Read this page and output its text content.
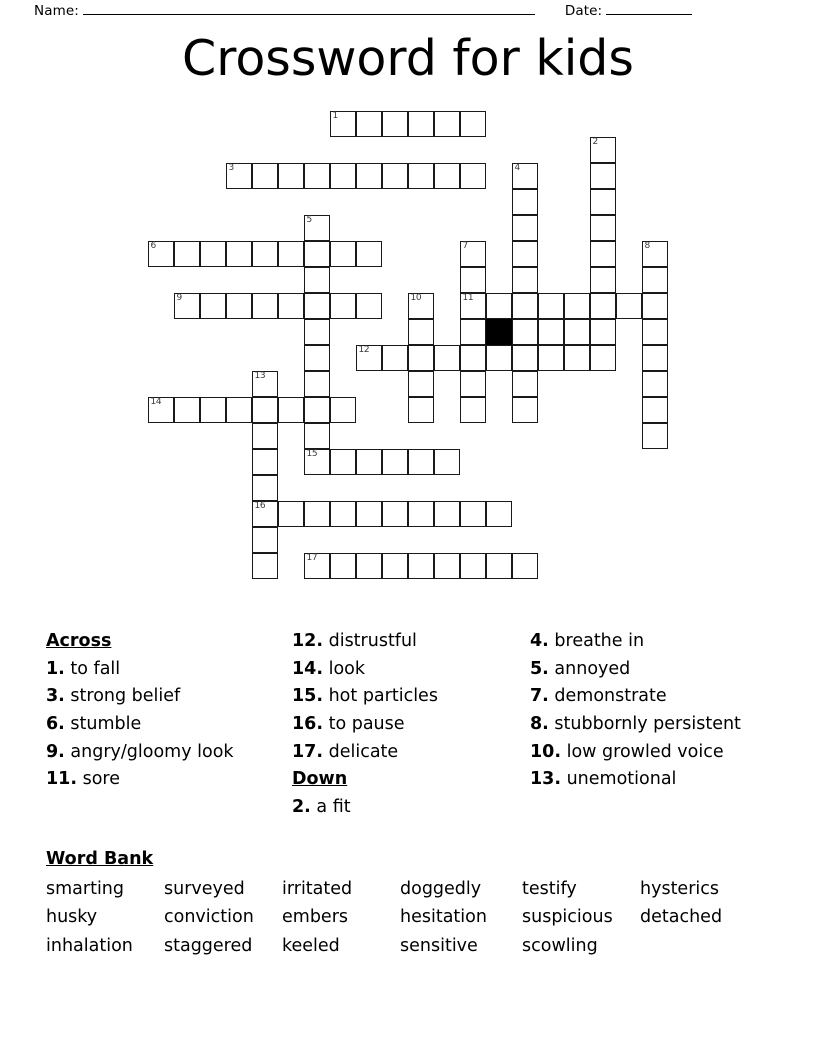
Name:	Date:
Crossword for kids
1
2
3	4
5
6	7	8
9	10	11
12
13
14
15
16
17
Across
1. to fall
3. strong belief
6. stumble
9. angry/gloomy look
11. sore
12. distrustful
14. look
15. hot particles
16. to pause
17. delicate
Down
2. a fit
4. breathe in
5. annoyed
7. demonstrate
8. stubbornly persistent
10. low growled voice
13. unemotional
Word Bank
smarting	surveyed	irritated	doggedly	testify	hysterics
husky	conviction	embers	hesitation	suspicious	detached
inhalation	staggered	keeled	sensitive	scowling
